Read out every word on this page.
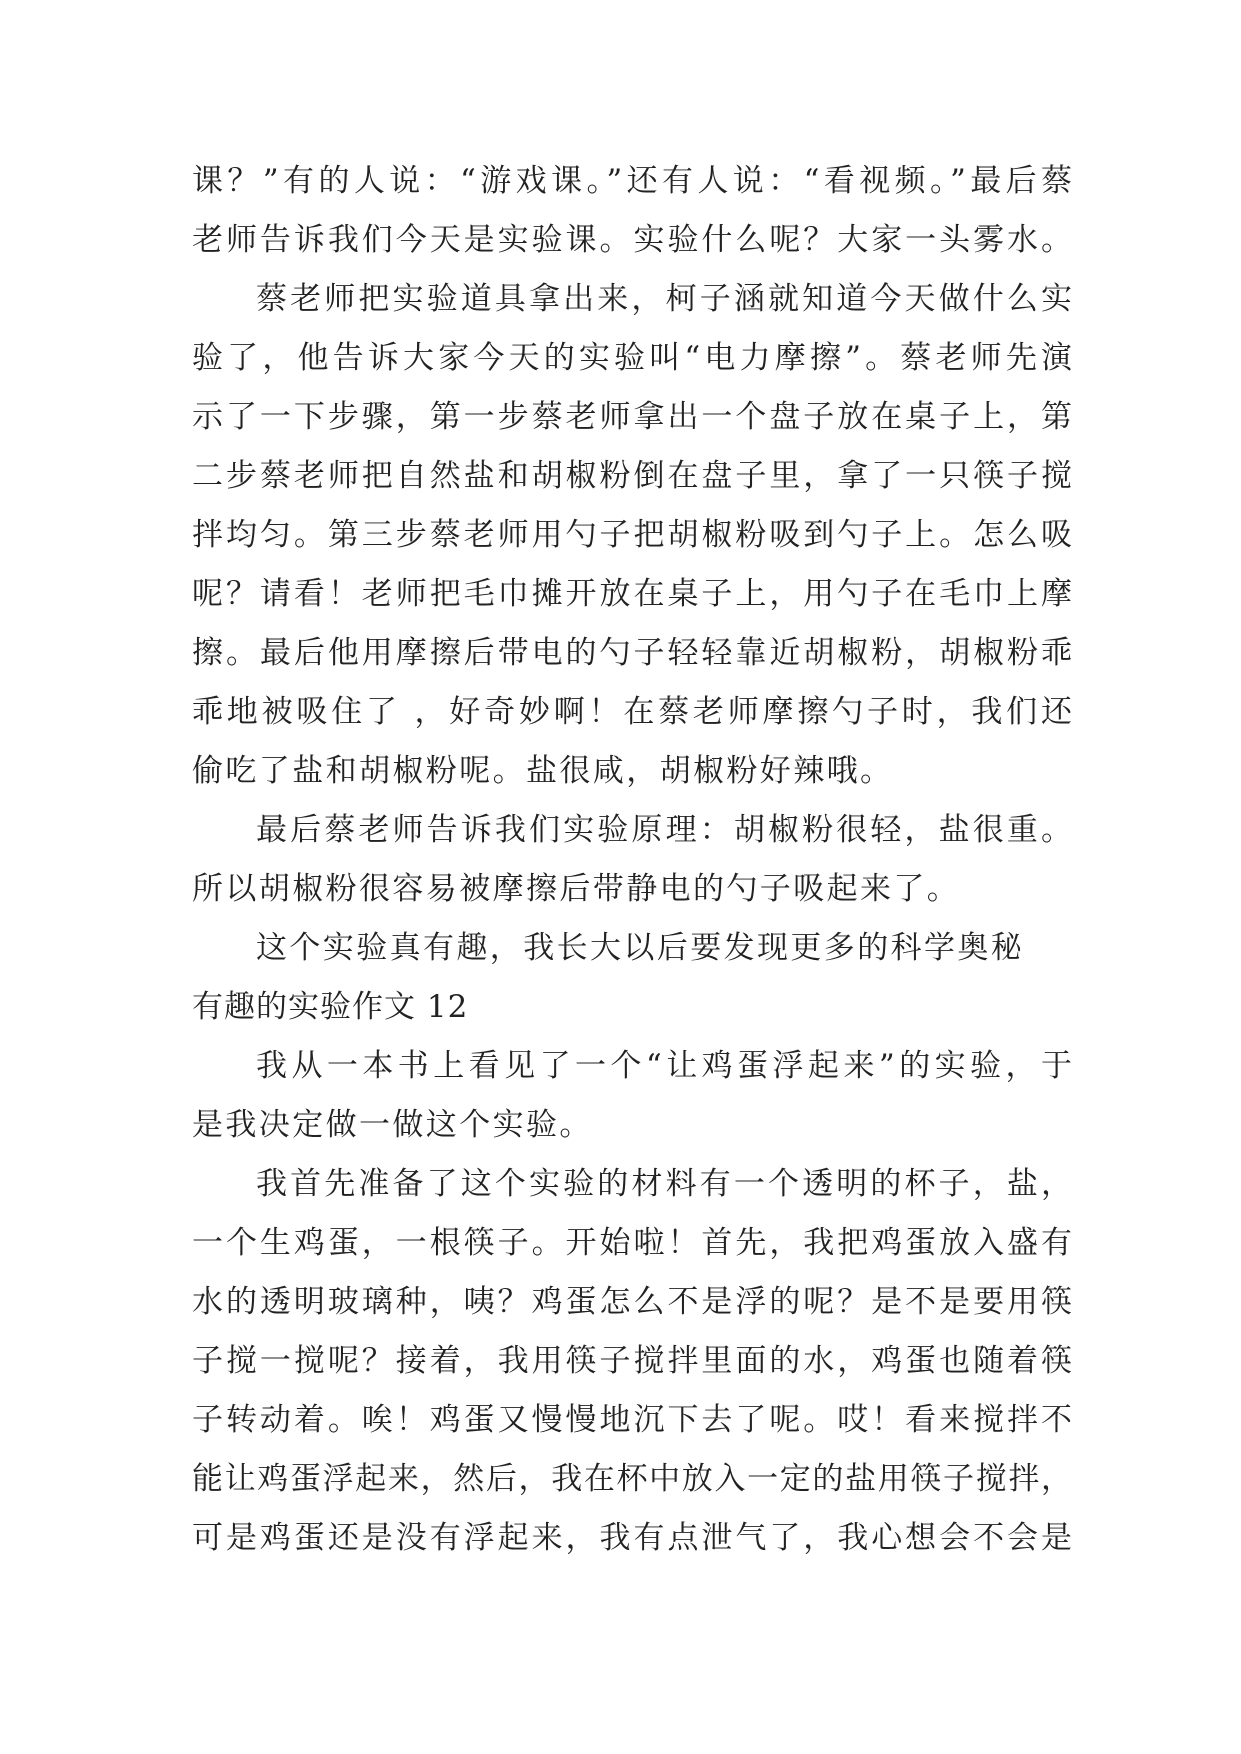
课？”有的人说：“游戏课。”还有人说：“看视频。”最后蔡
老师告诉我们今天是实验课。实验什么呢？大家一头雾水。
蔡老师把实验道具拿出来，柯子涵就知道今天做什么实
验了，他告诉大家今天的实验叫“电力摩擦”。蔡老师先演
示了一下步骤，第一步蔡老师拿出一个盘子放在桌子上，第
二步蔡老师把自然盐和胡椒粉倒在盘子里，拿了一只筷子搅
拌均匀。第三步蔡老师用勺子把胡椒粉吸到勺子上。怎么吸
呢？请看！老师把毛巾摊开放在桌子上，用勺子在毛巾上摩
擦。最后他用摩擦后带电的勺子轻轻靠近胡椒粉，胡椒粉乖
乖地被吸住了 ，好奇妙啊！在蔡老师摩擦勺子时，我们还
偷吃了盐和胡椒粉呢。盐很咸，胡椒粉好辣哦。
最后蔡老师告诉我们实验原理：胡椒粉很轻，盐很重。
所以胡椒粉很容易被摩擦后带静电的勺子吸起来了。
这个实验真有趣，我长大以后要发现更多的科学奥秘
有趣的实验作文 12
我从一本书上看见了一个“让鸡蛋浮起来”的实验，于
是我决定做一做这个实验。
我首先准备了这个实验的材料有一个透明的杯子，盐，
一个生鸡蛋，一根筷子。开始啦！首先，我把鸡蛋放入盛有
水的透明玻璃种，咦？鸡蛋怎么不是浮的呢？是不是要用筷
子搅一搅呢？接着，我用筷子搅拌里面的水，鸡蛋也随着筷
子转动着。唉！鸡蛋又慢慢地沉下去了呢。哎！看来搅拌不
能让鸡蛋浮起来，然后，我在杯中放入一定的盐用筷子搅拌，
可是鸡蛋还是没有浮起来，我有点泄气了，我心想会不会是
